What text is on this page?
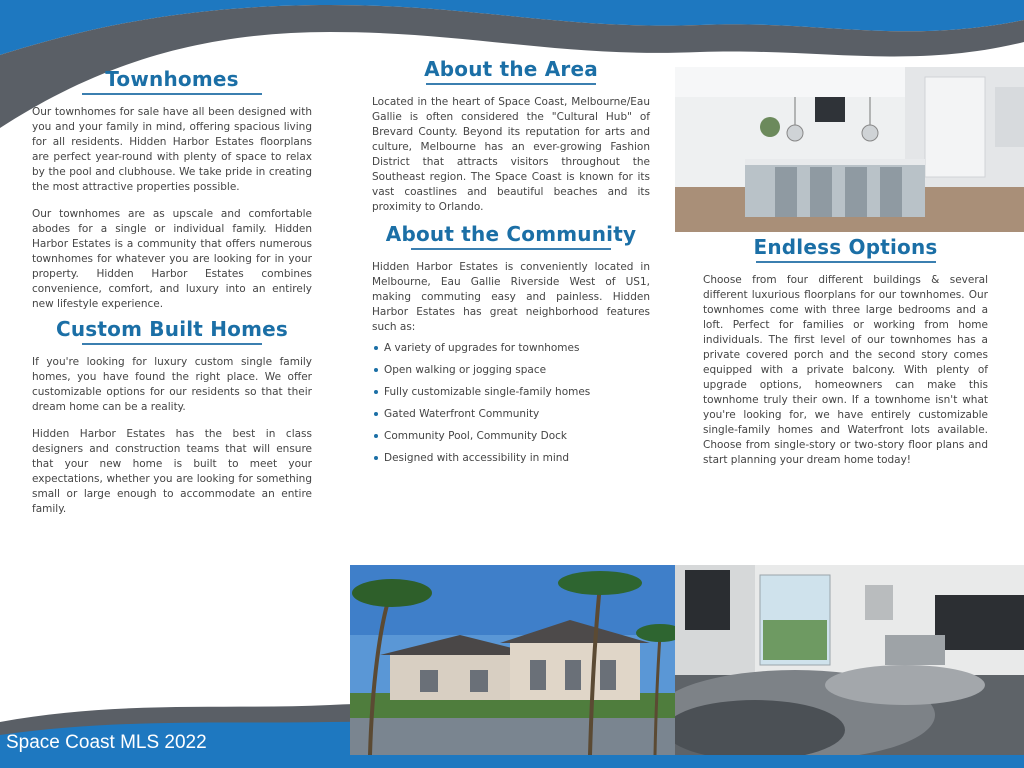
Townhomes

Our townhomes for sale have all been designed with you and your family in mind, offering spacious living for all residents. Hidden Harbor Estates floorplans are perfect year-round with plenty of space to relax by the pool and clubhouse. We take pride in creating the most attractive properties possible.

Our townhomes are as upscale and comfortable abodes for a single or individual family. Hidden Harbor Estates is a community that offers numerous townhomes for whatever you are looking for in your property. Hidden Harbor Estates combines convenience, comfort, and luxury into an entirely new lifestyle experience.

Custom Built Homes

If you're looking for luxury custom single family homes, you have found the right place. We offer customizable options for our residents so that their dream home can be a reality.

Hidden Harbor Estates has the best in class designers and construction teams that will ensure that your new home is built to meet your expectations, whether you are looking for something small or large enough to accommodate an entire family.

About the Area

Located in the heart of Space Coast, Melbourne/Eau Gallie is often considered the "Cultural Hub" of Brevard County. Beyond its reputation for arts and culture, Melbourne has an ever-growing Fashion District that attracts visitors throughout the Southeast region. The Space Coast is known for its vast coastlines and beautiful beaches and its proximity to Orlando.

About the Community

Hidden Harbor Estates is conveniently located in Melbourne, Eau Gallie Riverside West of US1, making commuting easy and painless. Hidden Harbor Estates has great neighborhood features such as:

A variety of upgrades for townhomes
Open walking or jogging space
Fully customizable single-family homes
Gated Waterfront Community
Community Pool, Community Dock
Designed with accessibility in mind
Endless Options

Choose from four different buildings & several different luxurious floorplans for our townhomes. Our townhomes come with three large bedrooms and a loft. Perfect for families or working from home individuals. The first level of our townhomes has a private covered porch and the second story comes equipped with a private balcony. With plenty of upgrade options, homeowners can make this townhome truly their own. If a townhome isn't what you're looking for, we have entirely customizable single-family homes and Waterfront lots available. Choose from single-story or two-story floor plans and start planning your dream home today!

Space Coast MLS 2022
